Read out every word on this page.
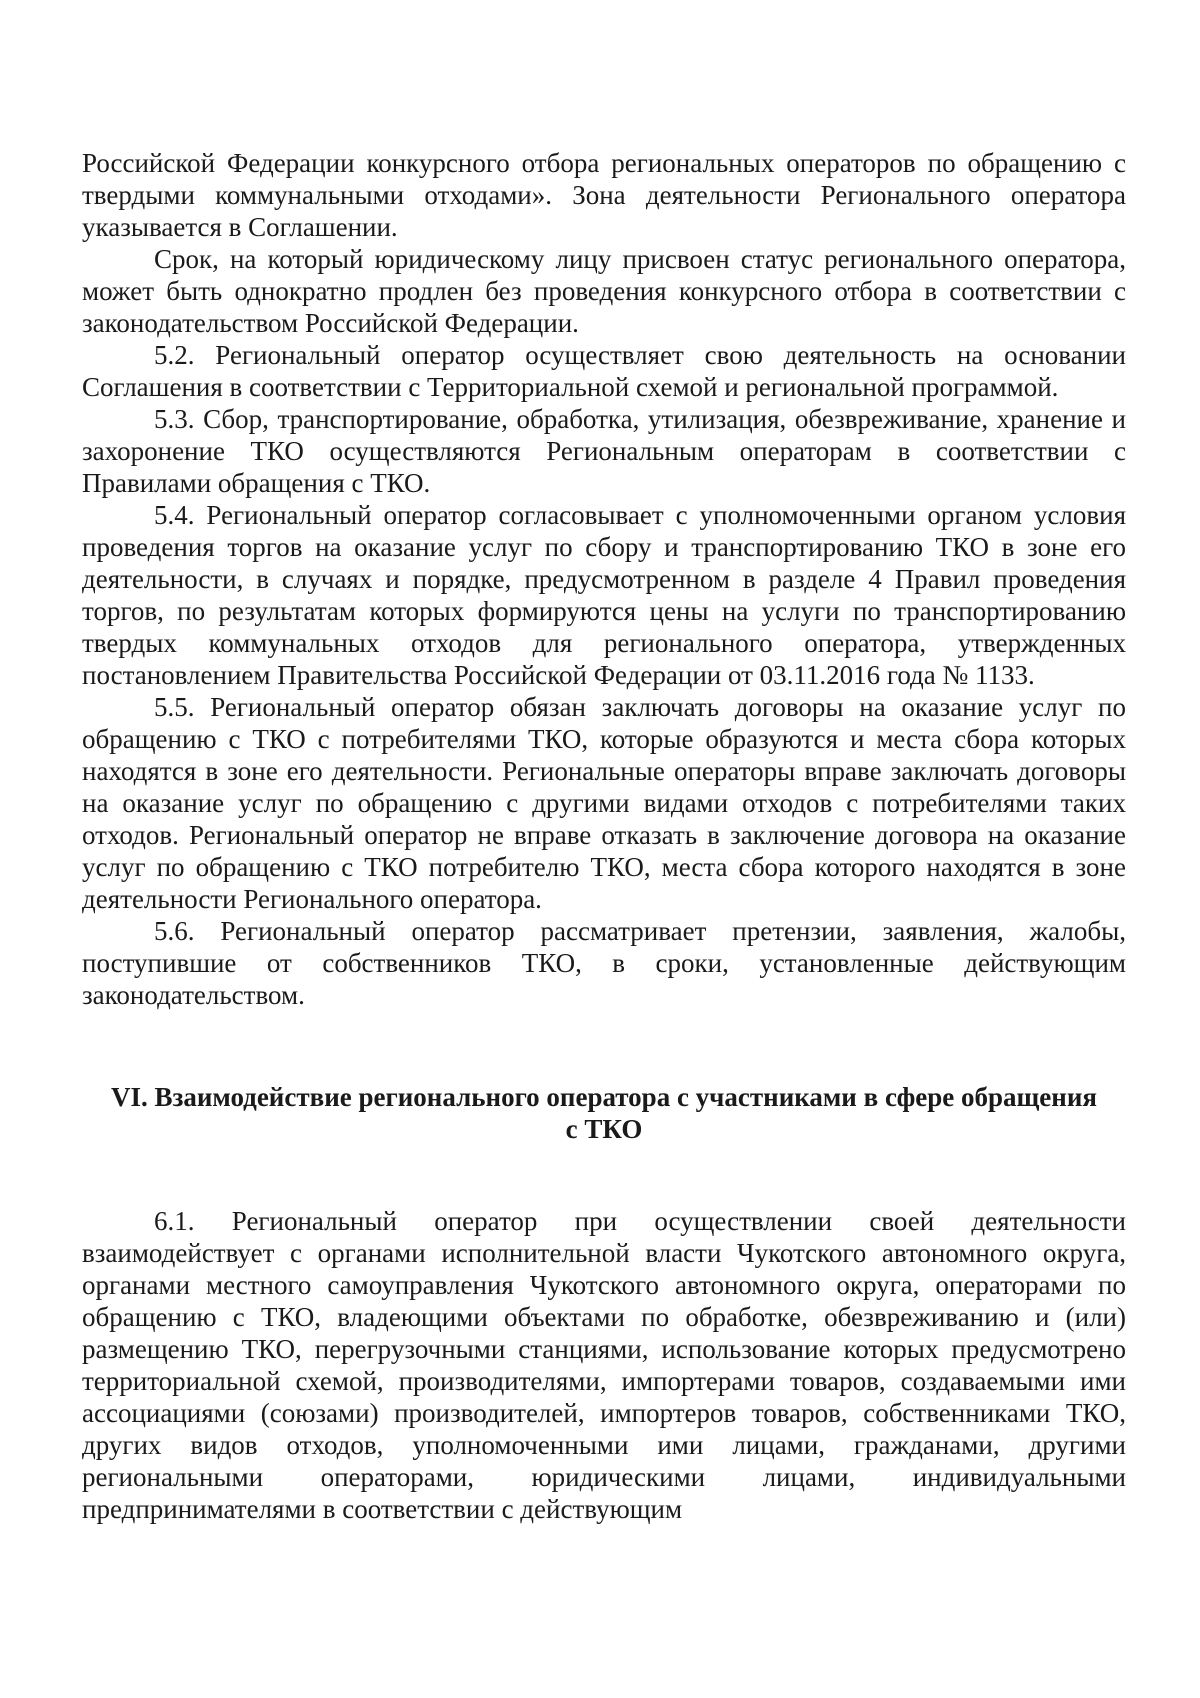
Российской Федерации конкурсного отбора региональных операторов по обращению с твердыми коммунальными отходами». Зона деятельности Регионального оператора указывается в Соглашении.

Срок, на который юридическому лицу присвоен статус регионального оператора, может быть однократно продлен без проведения конкурсного отбора в соответствии с законодательством Российской Федерации.

5.2. Региональный оператор осуществляет свою деятельность на основании Соглашения в соответствии с Территориальной схемой и региональной программой.

5.3. Сбор, транспортирование, обработка, утилизация, обезвреживание, хранение и захоронение ТКО осуществляются Региональным операторам в соответствии с Правилами обращения с ТКО.

5.4. Региональный оператор согласовывает с уполномоченными органом условия проведения торгов на оказание услуг по сбору и транспортированию ТКО в зоне его деятельности, в случаях и порядке, предусмотренном в разделе 4 Правил проведения торгов, по результатам которых формируются цены на услуги по транспортированию твердых коммунальных отходов для регионального оператора, утвержденных постановлением Правительства Российской Федерации от 03.11.2016 года № 1133.

5.5. Региональный оператор обязан заключать договоры на оказание услуг по обращению с ТКО с потребителями ТКО, которые образуются и места сбора которых находятся в зоне его деятельности. Региональные операторы вправе заключать договоры на оказание услуг по обращению с другими видами отходов с потребителями таких отходов. Региональный оператор не вправе отказать в заключение договора на оказание услуг по обращению с ТКО потребителю ТКО, места сбора которого находятся в зоне деятельности Регионального оператора.

5.6. Региональный оператор рассматривает претензии, заявления, жалобы, поступившие от собственников ТКО, в сроки, установленные действующим законодательством.

VI. Взаимодействие регионального оператора с участниками в сфере обращения
с ТКО

6.1. Региональный оператор при осуществлении своей деятельности взаимодействует с органами исполнительной власти Чукотского автономного округа, органами местного самоуправления Чукотского автономного округа, операторами по обращению с ТКО, владеющими объектами по обработке, обезвреживанию и (или) размещению ТКО, перегрузочными станциями, использование которых предусмотрено территориальной схемой, производителями, импортерами товаров, создаваемыми ими ассоциациями (союзами) производителей, импортеров товаров, собственниками ТКО, других видов отходов, уполномоченными ими лицами, гражданами, другими региональными операторами, юридическими лицами, индивидуальными предпринимателями в соответствии с действующим
